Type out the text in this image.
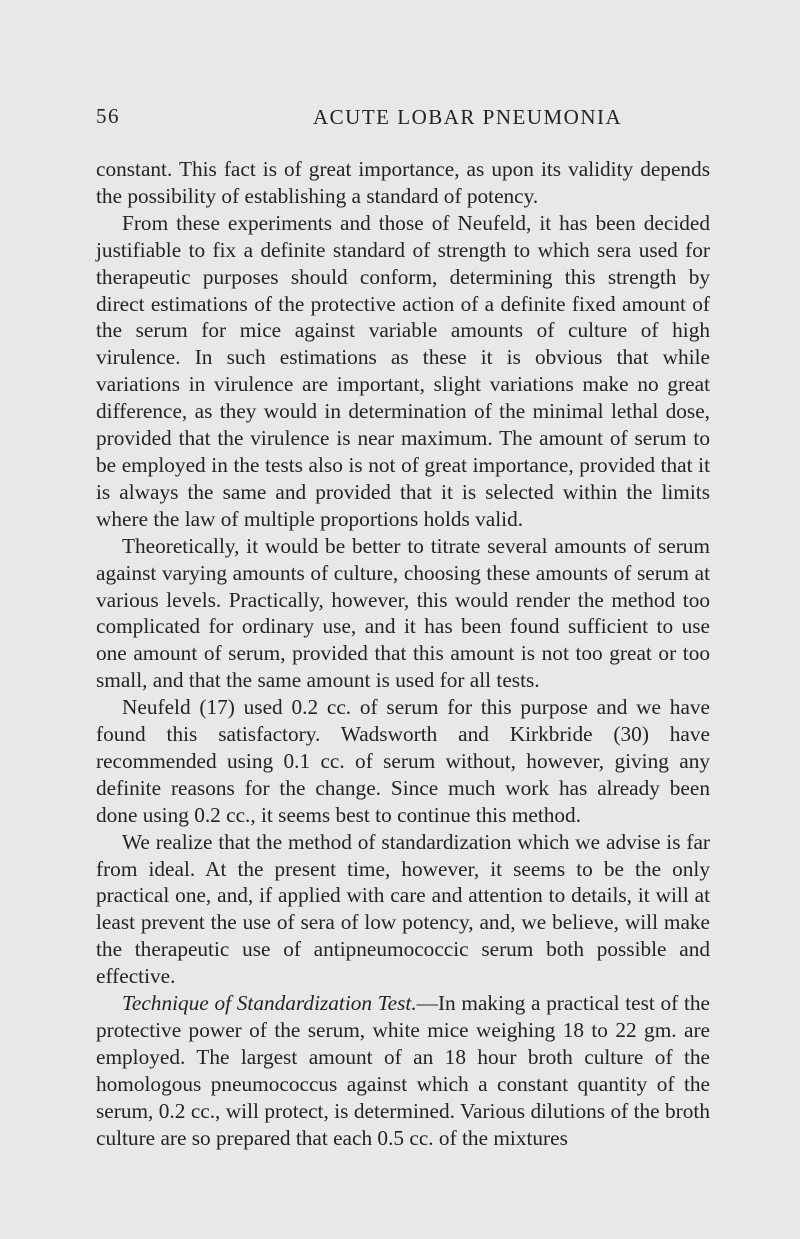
56	ACUTE LOBAR PNEUMONIA

constant. This fact is of great importance, as upon its validity depends the possibility of establishing a standard of potency.

From these experiments and those of Neufeld, it has been decided justifiable to fix a definite standard of strength to which sera used for therapeutic purposes should conform, determining this strength by direct estimations of the protective action of a definite fixed amount of the serum for mice against variable amounts of culture of high virulence. In such estimations as these it is obvious that while variations in virulence are important, slight variations make no great difference, as they would in determination of the minimal lethal dose, provided that the virulence is near maximum. The amount of serum to be employed in the tests also is not of great importance, provided that it is always the same and provided that it is selected within the limits where the law of multiple proportions holds valid.

Theoretically, it would be better to titrate several amounts of serum against varying amounts of culture, choosing these amounts of serum at various levels. Practically, however, this would render the method too complicated for ordinary use, and it has been found sufficient to use one amount of serum, provided that this amount is not too great or too small, and that the same amount is used for all tests.

Neufeld (17) used 0.2 cc. of serum for this purpose and we have found this satisfactory. Wadsworth and Kirkbride (30) have recommended using 0.1 cc. of serum without, however, giving any definite reasons for the change. Since much work has already been done using 0.2 cc., it seems best to continue this method.

We realize that the method of standardization which we advise is far from ideal. At the present time, however, it seems to be the only practical one, and, if applied with care and attention to details, it will at least prevent the use of sera of low potency, and, we believe, will make the therapeutic use of antipneumococcic serum both possible and effective.

Technique of Standardization Test.—In making a practical test of the protective power of the serum, white mice weighing 18 to 22 gm. are employed. The largest amount of an 18 hour broth culture of the homologous pneumococcus against which a constant quantity of the serum, 0.2 cc., will protect, is determined. Various dilutions of the broth culture are so prepared that each 0.5 cc. of the mixtures
